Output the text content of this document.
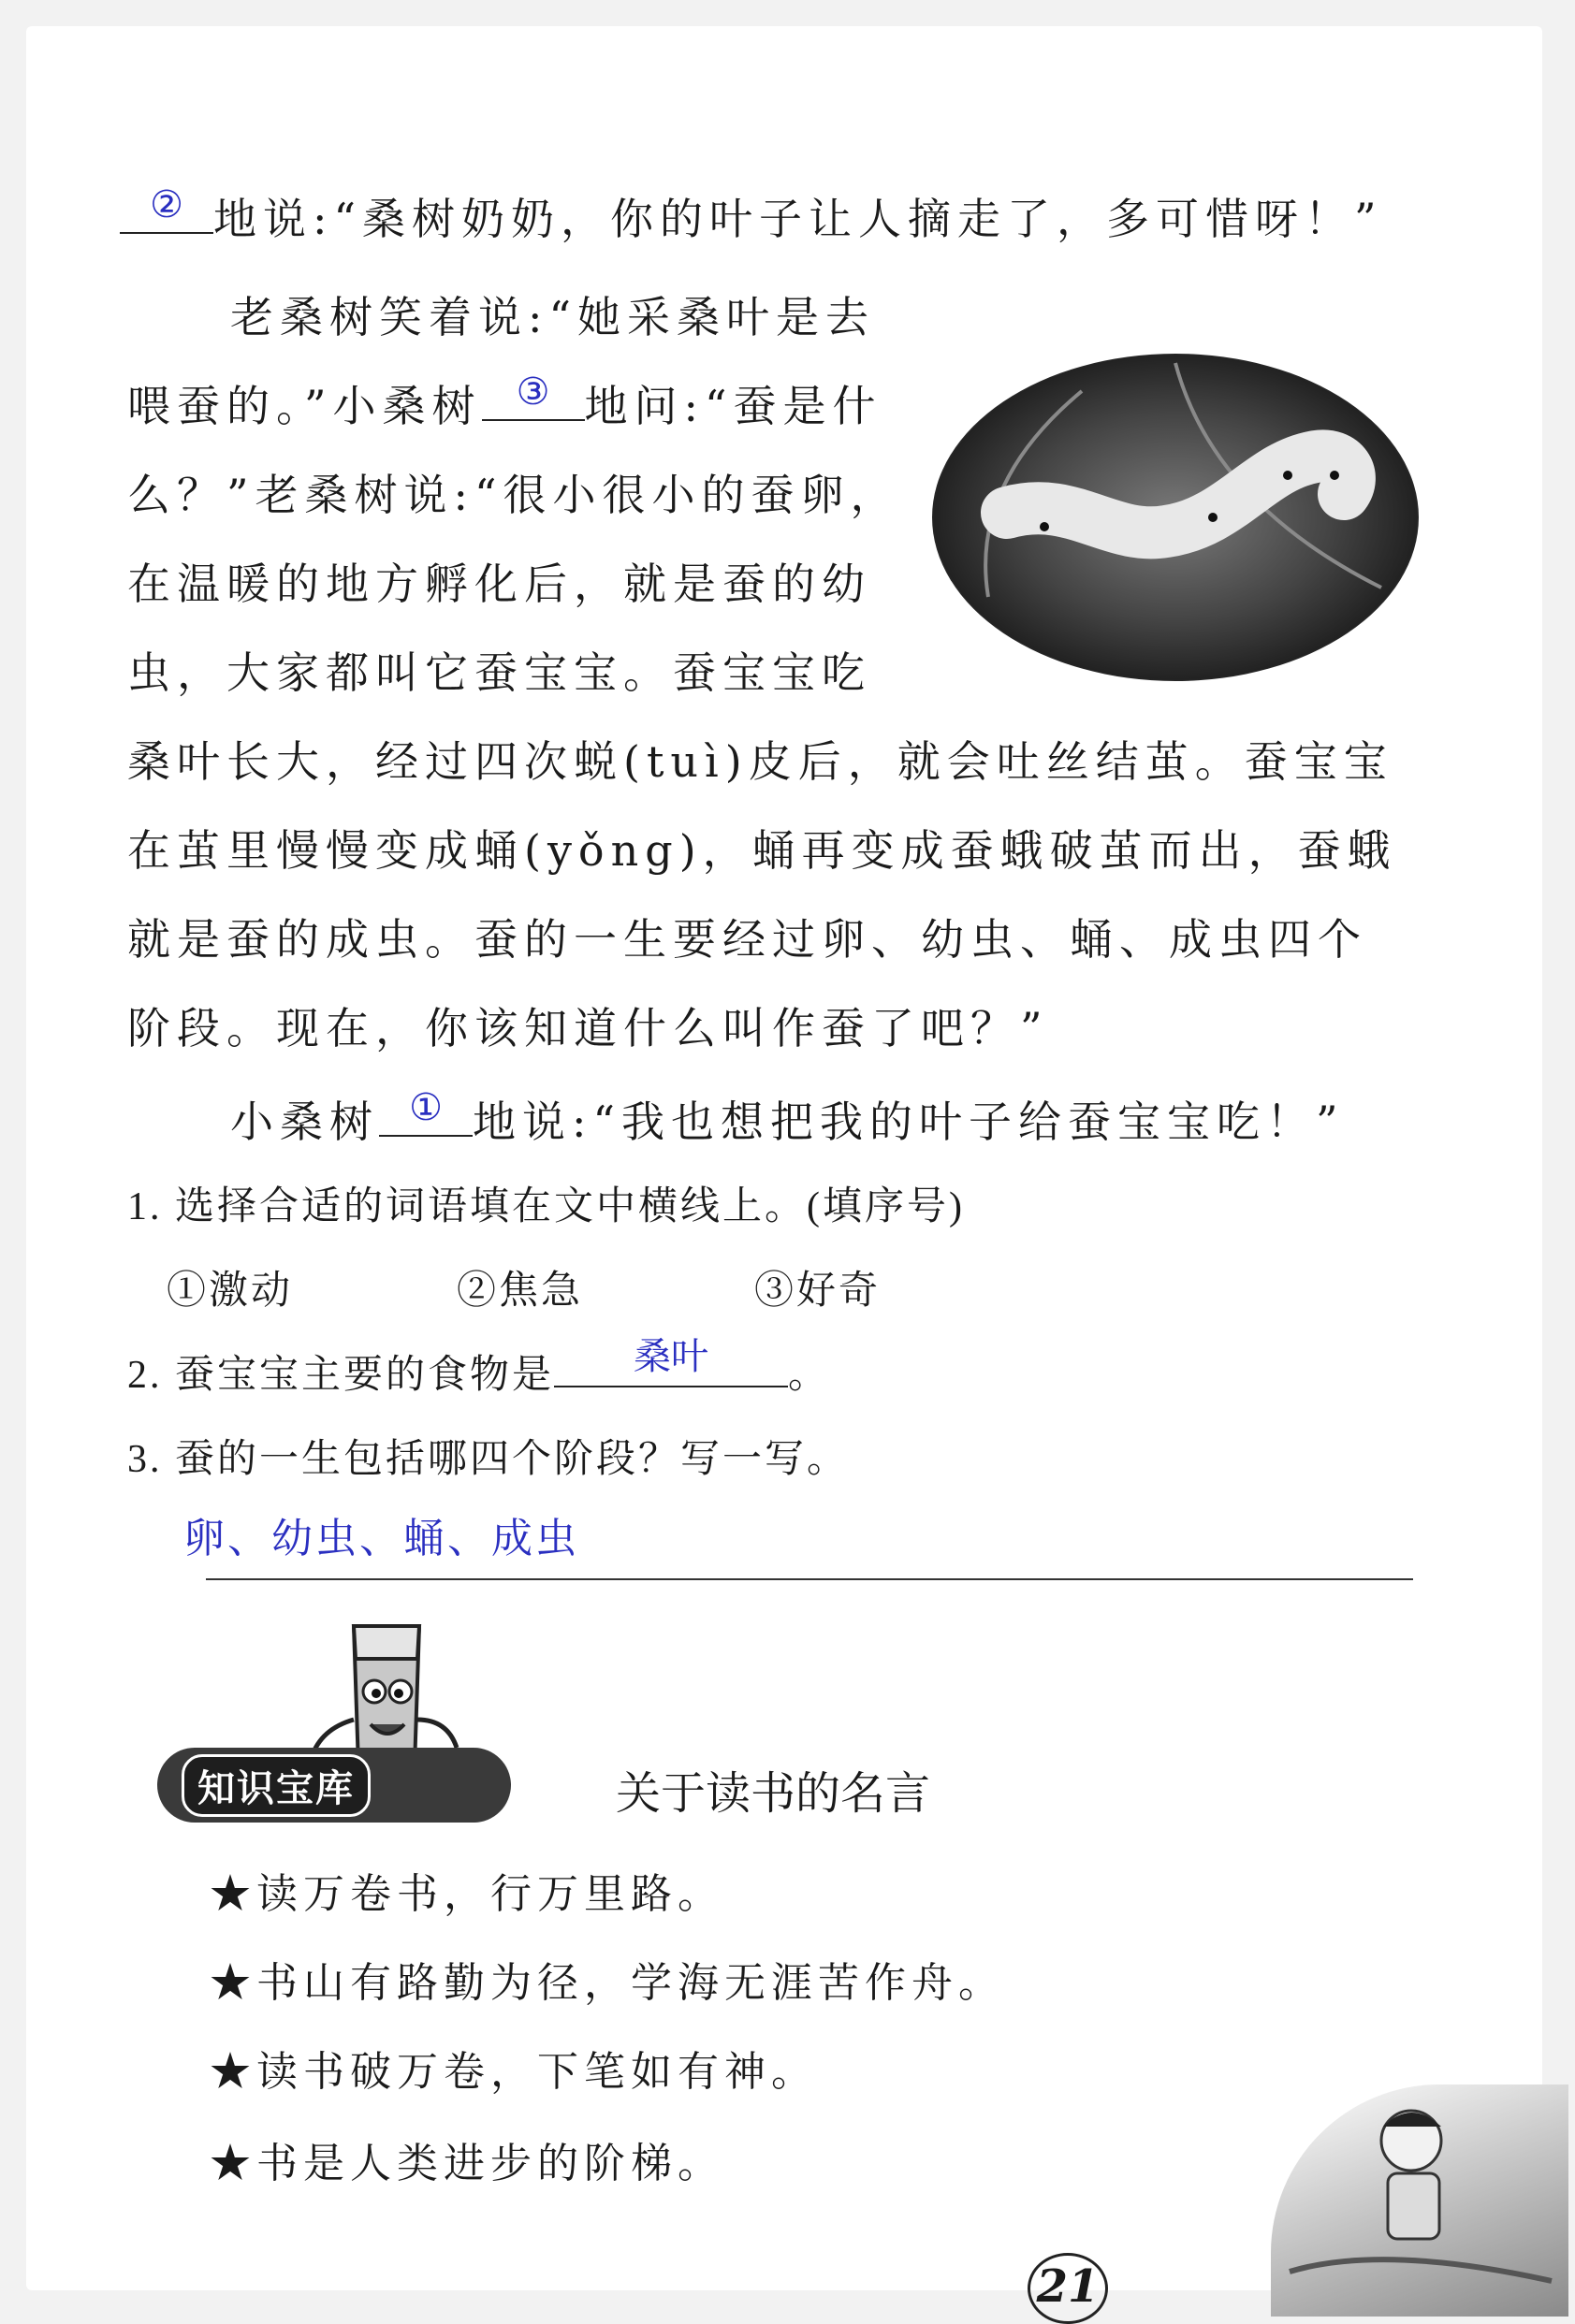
② 地说:“桑树奶奶，你的叶子让人摘走了，多可惜呀！”
老桑树笑着说:“她采桑叶是去
喂蚕的。”小桑树 ③ 地问:“蚕是什
么？”老桑树说:“很小很小的蚕卵，
在温暖的地方孵化后，就是蚕的幼
虫，大家都叫它蚕宝宝。蚕宝宝吃
桑叶长大，经过四次蜕(tuì)皮后，就会吐丝结茧。蚕宝宝
在茧里慢慢变成蛹(yǒng)，蛹再变成蚕蛾破茧而出，蚕蛾
就是蚕的成虫。蚕的一生要经过卵、幼虫、蛹、成虫四个
阶段。现在，你该知道什么叫作蚕了吧？”
小桑树 ① 地说:“我也想把我的叶子给蚕宝宝吃！”
1. 选择合适的词语填在文中横线上。(填序号)
①激动	②焦急	③好奇
2. 蚕宝宝主要的食物是	桑叶	。
3. 蚕的一生包括哪四个阶段？写一写。
卵、幼虫、蛹、成虫
知识宝库	关于读书的名言
★读万卷书，行万里路。
★书山有路勤为径，学海无涯苦作舟。
★读书破万卷，下笔如有神。
★书是人类进步的阶梯。
21
